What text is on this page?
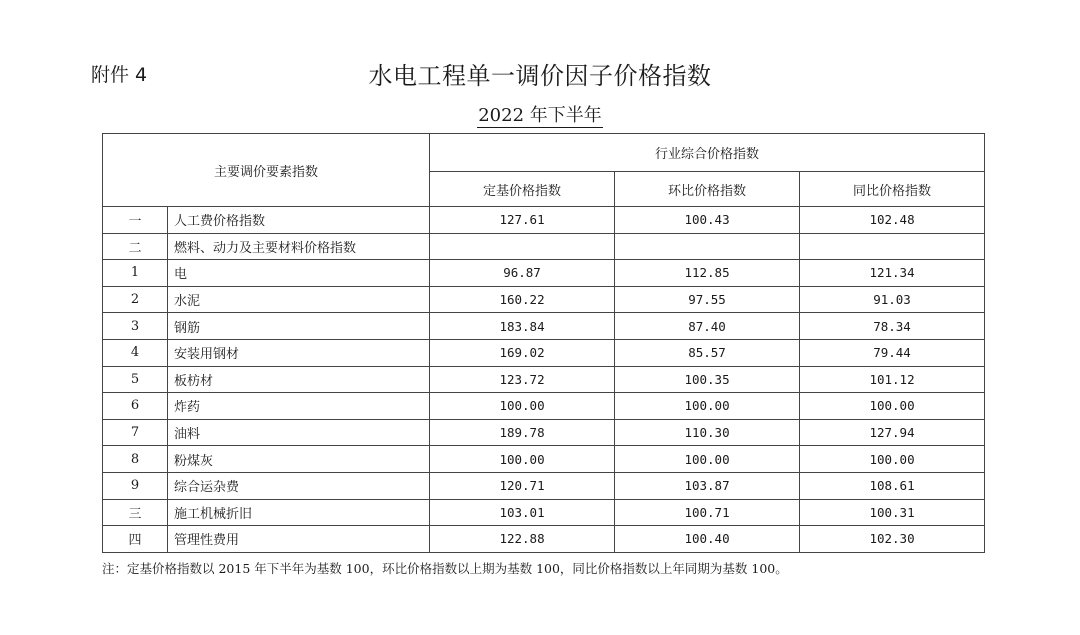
附件 4	水电工程单一调价因子价格指数
2022 年下半年
主要调价要素指数		行业综合价格指数		
		定基价格指数	环比价格指数	同比价格指数
一	人工费价格指数	127.61	100.43	102.48
二	燃料、动力及主要材料价格指数			
1	电	96.87	112.85	121.34
2	水泥	160.22	97.55	91.03
3	钢筋	183.84	87.40	78.34
4	安装用钢材	169.02	85.57	79.44
5	板枋材	123.72	100.35	101.12
6	炸药	100.00	100.00	100.00
7	油料	189.78	110.30	127.94
8	粉煤灰	100.00	100.00	100.00
9	综合运杂费	120.71	103.87	108.61
三	施工机械折旧	103.01	100.71	100.31
四	管理性费用	122.88	100.40	102.30
注：定基价格指数以 2015 年下半年为基数 100，环比价格指数以上期为基数 100，同比价格指数以上年同期为基数 100。
